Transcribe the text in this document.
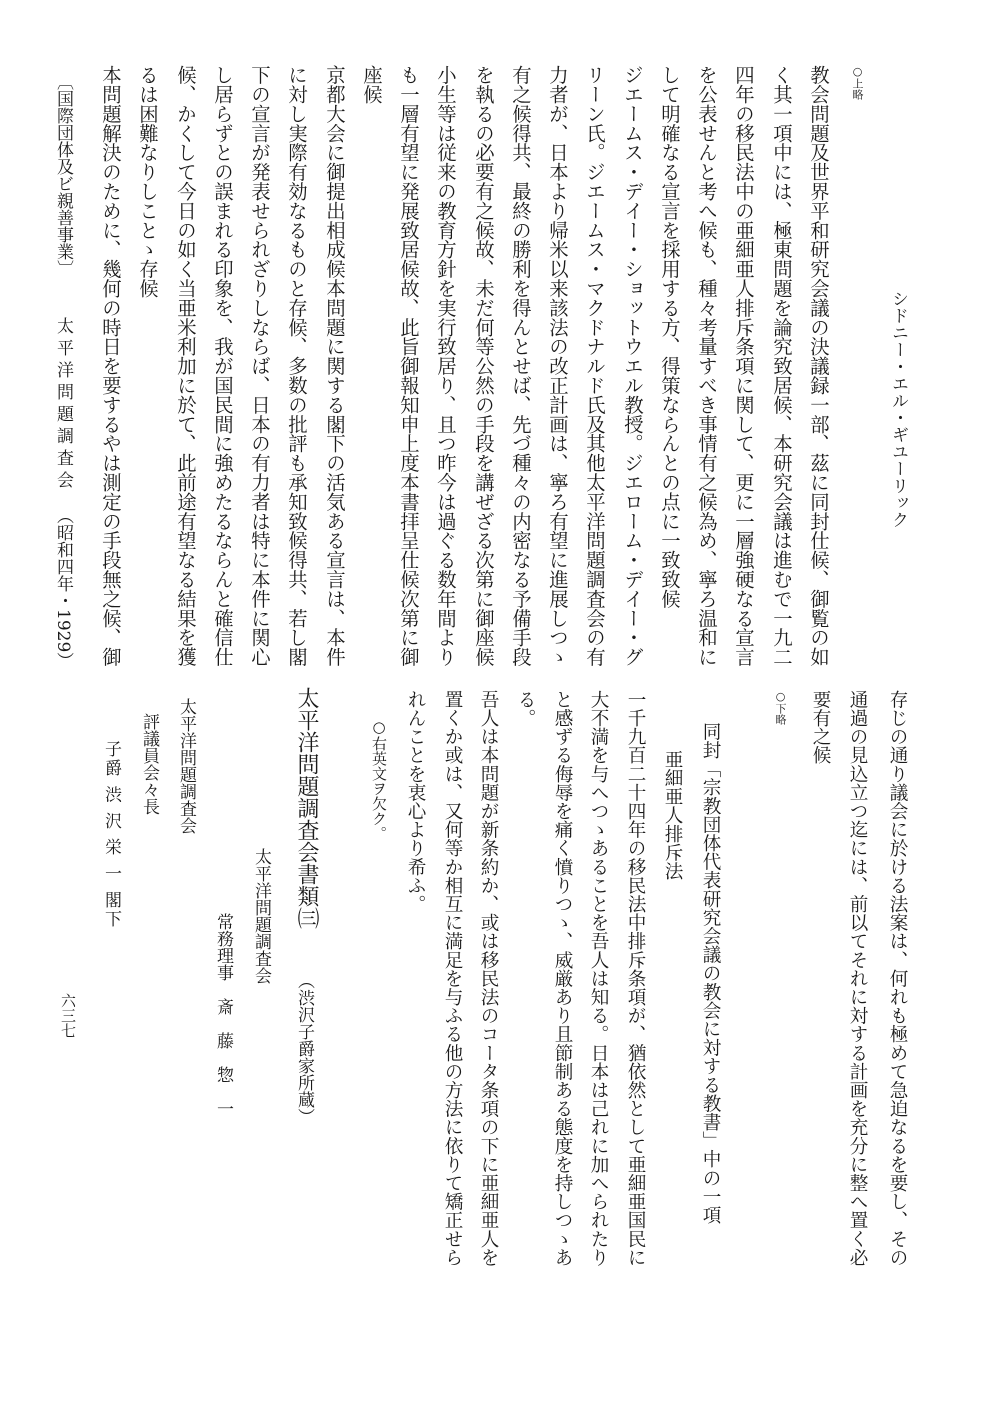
シドニー・エル・ギユーリック
○上略
教会問題及世界平和研究会議の決議録一部、茲に同封仕候、御覧の如
く其一項中には、極東問題を論究致居候、本研究会議は進むで一九二
四年の移民法中の亜細亜人排斥条項に関して、更に一層強硬なる宣言
を公表せんと考へ候も、種々考量すべき事情有之候為め、寧ろ温和に
して明確なる宣言を採用する方、得策ならんとの点に一致致候
ジエームス・デイー・ショットウエル教授。ジエローム・デイー・グ
リーン氏。ジエームス・マクドナルド氏及其他太平洋問題調査会の有
力者が、日本より帰米以来該法の改正計画は、寧ろ有望に進展しつゝ
有之候得共、最終の勝利を得んとせば、先づ種々の内密なる予備手段
を執るの必要有之候故、未だ何等公然の手段を講ぜざる次第に御座候
小生等は従来の教育方針を実行致居り、且つ昨今は過ぐる数年間より
も一層有望に発展致居候故、此旨御報知申上度本書拝呈仕候次第に御
座候
京都大会に御提出相成候本問題に関する閣下の活気ある宣言は、本件
に対し実際有効なるものと存候、多数の批評も承知致候得共、若し閣
下の宣言が発表せられざりしならば、日本の有力者は特に本件に関心
し居らずとの誤まれる印象を、我が国民間に強めたるならんと確信仕
候、かくして今日の如く当亜米利加に於て、此前途有望なる結果を獲
るは困難なりしことゝ存候
本問題解決のために、幾何の時日を要するやは測定の手段無之候、御
〔国際団体及ビ親善事業〕太平洋問題調査会（昭和四年・1929）
存じの通り議会に於ける法案は、何れも極めて急迫なるを要し、その
通過の見込立つ迄には、前以てそれに対する計画を充分に整へ置く必
要有之候
○下略
同封「宗教団体代表研究会議の教会に対する教書」中の一項
亜細亜人排斥法
一千九百二十四年の移民法中排斥条項が、猶依然として亜細亜国民に
大不満を与へつゝあることを吾人は知る。日本は己れに加へられたり
と感ずる侮辱を痛く憤りつゝ、威厳あり且節制ある態度を持しつゝあ
る。
吾人は本問題が新条約か、或は移民法のコータ条項の下に亜細亜人を
置くか或は、又何等か相互に満足を与ふる他の方法に依りて矯正せら
れんことを衷心より希ふ。
○右英文ヲ欠ク。
太平洋問題調査会書類㈢
（渋沢子爵家所蔵）
太平洋問題調査会
常務理事　斎　藤　惣　一
太平洋問題調査会
評議員会々長
子爵 渋 沢 栄 一 閣下
六三七
